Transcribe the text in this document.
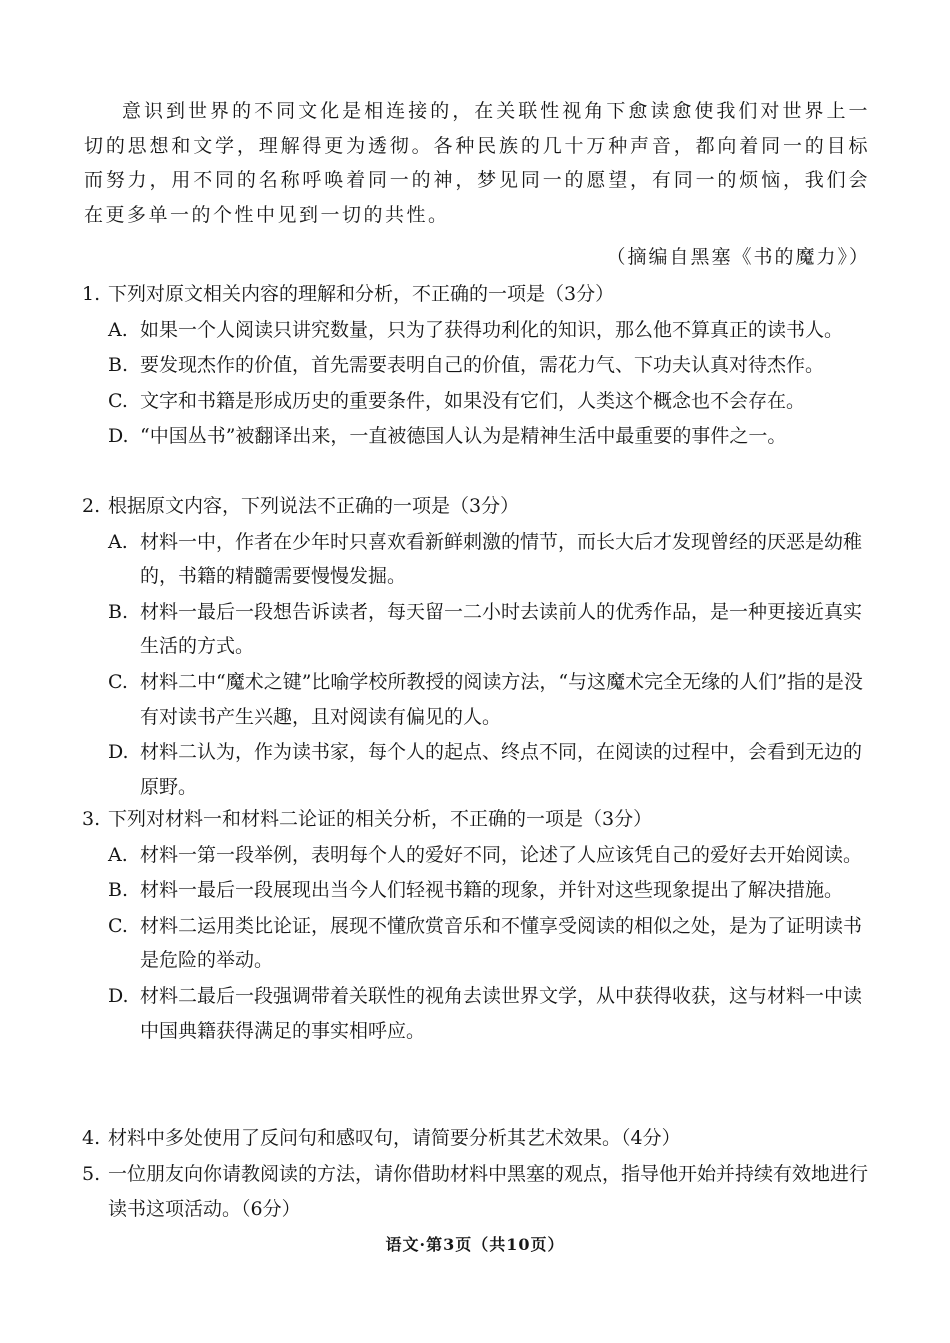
意识到世界的不同文化是相连接的，在关联性视角下愈读愈使我们对世界上一切的思想和文学，理解得更为透彻。各种民族的几十万种声音，都向着同一的目标而努力，用不同的名称呼唤着同一的神，梦见同一的愿望，有同一的烦恼，我们会在更多单一的个性中见到一切的共性。

（摘编自黑塞《书的魔力》）
1. 下列对原文相关内容的理解和分析，不正确的一项是（3分）
A. 如果一个人阅读只讲究数量，只为了获得功利化的知识，那么他不算真正的读书人。
B. 要发现杰作的价值，首先需要表明自己的价值，需花力气、下功夫认真对待杰作。
C. 文字和书籍是形成历史的重要条件，如果没有它们，人类这个概念也不会存在。
D. “中国丛书”被翻译出来，一直被德国人认为是精神生活中最重要的事件之一。
2. 根据原文内容，下列说法不正确的一项是（3分）
A. 材料一中，作者在少年时只喜欢看新鲜刺激的情节，而长大后才发现曾经的厌恶是幼稚的，书籍的精髓需要慢慢发掘。
B. 材料一最后一段想告诉读者，每天留一二小时去读前人的优秀作品，是一种更接近真实生活的方式。
C. 材料二中“魔术之键”比喻学校所教授的阅读方法，“与这魔术完全无缘的人们”指的是没有对读书产生兴趣，且对阅读有偏见的人。
D. 材料二认为，作为读书家，每个人的起点、终点不同，在阅读的过程中，会看到无边的原野。
3. 下列对材料一和材料二论证的相关分析，不正确的一项是（3分）
A. 材料一第一段举例，表明每个人的爱好不同，论述了人应该凭自己的爱好去开始阅读。
B. 材料一最后一段展现出当今人们轻视书籍的现象，并针对这些现象提出了解决措施。
C. 材料二运用类比论证，展现不懂欣赏音乐和不懂享受阅读的相似之处，是为了证明读书是危险的举动。
D. 材料二最后一段强调带着关联性的视角去读世界文学，从中获得收获，这与材料一中读中国典籍获得满足的事实相呼应。
4. 材料中多处使用了反问句和感叹句，请简要分析其艺术效果。（4分）
5. 一位朋友向你请教阅读的方法，请你借助材料中黑塞的观点，指导他开始并持续有效地进行读书这项活动。（6分）
语文·第3页（共10页）
